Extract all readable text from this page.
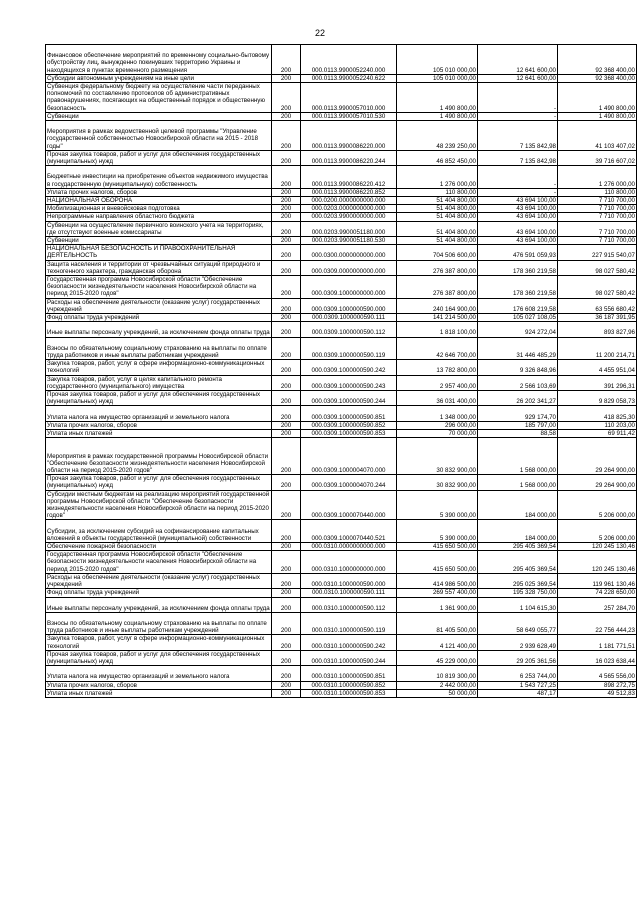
22
Финансовое обеспечение мероприятий по временному социально-бытовому обустройству лиц, вынужденно покинувших территорию Украины и находящихся в пунктах временного размещения	200	000.0113.9900052240.000	105 010 000,00	12 641 600,00	92 368 400,00
Субсидии автономным учреждениям на иные цели	200	000.0113.9900052240.622	105 010 000,00	12 641 600,00	92 368 400,00
Субвенция федеральному бюджету на осуществление части переданных полномочий по составлению протоколов об административных правонарушениях, посягающих на общественный порядок и общественную безопасность	200	000.0113.9900057010.000	1 490 800,00	-	1 490 800,00
Субвенции	200	000.0113.9900057010.530	1 490 800,00	-	1 490 800,00
Мероприятия в рамках ведомственной целевой программы "Управление государственной собственностью Новосибирской области на 2015 - 2018 годы"	200	000.0113.9900086220.000	48 239 250,00	7 135 842,98	41 103 407,02
Прочая закупка товаров, работ и услуг для обеспечения государственных (муниципальных) нужд	200	000.0113.9900086220.244	46 852 450,00	7 135 842,98	39 716 607,02
Бюджетные инвестиции на приобретение объектов недвижимого имущества в государственную (муниципальную) собственность	200	000.0113.9900086220.412	1 276 000,00	-	1 276 000,00
Уплата прочих налогов, сборов	200	000.0113.9900086220.852	110 800,00	-	110 800,00
НАЦИОНАЛЬНАЯ ОБОРОНА	200	000.0200.0000000000.000	51 404 800,00	43 694 100,00	7 710 700,00
Мобилизационная и вневойсковая подготовка	200	000.0203.0000000000.000	51 404 800,00	43 694 100,00	7 710 700,00
Непрограммные направления областного бюджета	200	000.0203.9900000000.000	51 404 800,00	43 694 100,00	7 710 700,00
Субвенции на осуществление первичного воинского учета на территориях, где отсутствуют военные комиссариаты	200	000.0203.9900051180.000	51 404 800,00	43 694 100,00	7 710 700,00
Субвенции	200	000.0203.9900051180.530	51 404 800,00	43 694 100,00	7 710 700,00
НАЦИОНАЛЬНАЯ БЕЗОПАСНОСТЬ И ПРАВООХРАНИТЕЛЬНАЯ ДЕЯТЕЛЬНОСТЬ	200	000.0300.0000000000.000	704 506 600,00	476 591 059,93	227 915 540,07
Защита населения и территории от чрезвычайных ситуаций природного и техногенного характера, гражданская оборона	200	000.0309.0000000000.000	276 387 800,00	178 360 219,58	98 027 580,42
Государственная программа Новосибирской области "Обеспечение безопасности жизнедеятельности населения Новосибирской области на период 2015-2020 годов"	200	000.0309.1000000000.000	276 387 800,00	178 360 219,58	98 027 580,42
Расходы на обеспечение деятельности (оказание услуг) государственных учреждений	200	000.0309.1000000590.000	240 164 900,00	176 608 219,58	63 556 680,42
Фонд оплаты труда учреждений	200	000.0309.1000000590.111	141 214 500,00	105 027 108,05	36 187 391,95
Иные выплаты персоналу учреждений, за исключением фонда оплаты труда	200	000.0309.1000000590.112	1 818 100,00	924 272,04	893 827,96
Взносы по обязательному социальному страхованию на выплаты по оплате труда работников и иные выплаты работникам учреждений	200	000.0309.1000000590.119	42 646 700,00	31 446 485,29	11 200 214,71
Закупка товаров, работ, услуг в сфере информационно-коммуникационных технологий	200	000.0309.1000000590.242	13 782 800,00	9 326 848,96	4 455 951,04
Закупка товаров, работ, услуг в целях капитального ремонта государственного (муниципального) имущества	200	000.0309.1000000590.243	2 957 400,00	2 566 103,69	391 296,31
Прочая закупка товаров, работ и услуг для обеспечения государственных (муниципальных) нужд	200	000.0309.1000000590.244	36 031 400,00	26 202 341,27	9 829 058,73
Уплата налога на имущество организаций и земельного налога	200	000.0309.1000000590.851	1 348 000,00	929 174,70	418 825,30
Уплата прочих налогов, сборов	200	000.0309.1000000590.852	296 000,00	185 797,00	110 203,00
Уплата иных платежей	200	000.0309.1000000590.853	70 000,00	88,58	69 911,42
Мероприятия в рамках государственной программы Новосибирской области "Обеспечение безопасности жизнедеятельности населения Новосибирской области на период 2015-2020 годов"	200	000.0309.1000004070.000	30 832 900,00	1 568 000,00	29 264 900,00
Прочая закупка товаров, работ и услуг для обеспечения государственных (муниципальных) нужд	200	000.0309.1000004070.244	30 832 900,00	1 568 000,00	29 264 900,00
Субсидии местным бюджетам на реализацию мероприятий государственной программы Новосибирской области "Обеспечение безопасности жизнедеятельности населения Новосибирской области на период 2015-2020 годов"	200	000.0309.1000070440.000	5 390 000,00	184 000,00	5 206 000,00
Субсидии, за исключением субсидий на софинансирование капитальных вложений в объекты государственной (муниципальной) собственности	200	000.0309.1000070440.521	5 390 000,00	184 000,00	5 206 000,00
Обеспечение пожарной безопасности	200	000.0310.0000000000.000	415 650 500,00	295 405 369,54	120 245 130,46
Государственная программа Новосибирской области "Обеспечение безопасности жизнедеятельности населения Новосибирской области на период 2015-2020 годов"	200	000.0310.1000000000.000	415 650 500,00	295 405 369,54	120 245 130,46
Расходы на обеспечение деятельности (оказание услуг) государственных учреждений	200	000.0310.1000000590.000	414 986 500,00	295 025 369,54	119 961 130,46
Фонд оплаты труда учреждений	200	000.0310.1000000590.111	269 557 400,00	195 328 750,00	74 228 650,00
Иные выплаты персоналу учреждений, за исключением фонда оплаты труда	200	000.0310.1000000590.112	1 361 900,00	1 104 615,30	257 284,70
Взносы по обязательному социальному страхованию на выплаты по оплате труда работников и иные выплаты работникам учреждений	200	000.0310.1000000590.119	81 405 500,00	58 649 055,77	22 756 444,23
Закупка товаров, работ, услуг в сфере информационно-коммуникационных технологий	200	000.0310.1000000590.242	4 121 400,00	2 939 628,49	1 181 771,51
Прочая закупка товаров, работ и услуг для обеспечения государственных (муниципальных) нужд	200	000.0310.1000000590.244	45 229 000,00	29 205 361,56	16 023 638,44
Уплата налога на имущество организаций и земельного налога	200	000.0310.1000000590.851	10 819 300,00	6 253 744,00	4 565 556,00
Уплата прочих налогов, сборов	200	000.0310.1000000590.852	2 442 000,00	1 543 727,25	898 272,75
Уплата иных платежей	200	000.0310.1000000590.853	50 000,00	487,17	49 512,83
